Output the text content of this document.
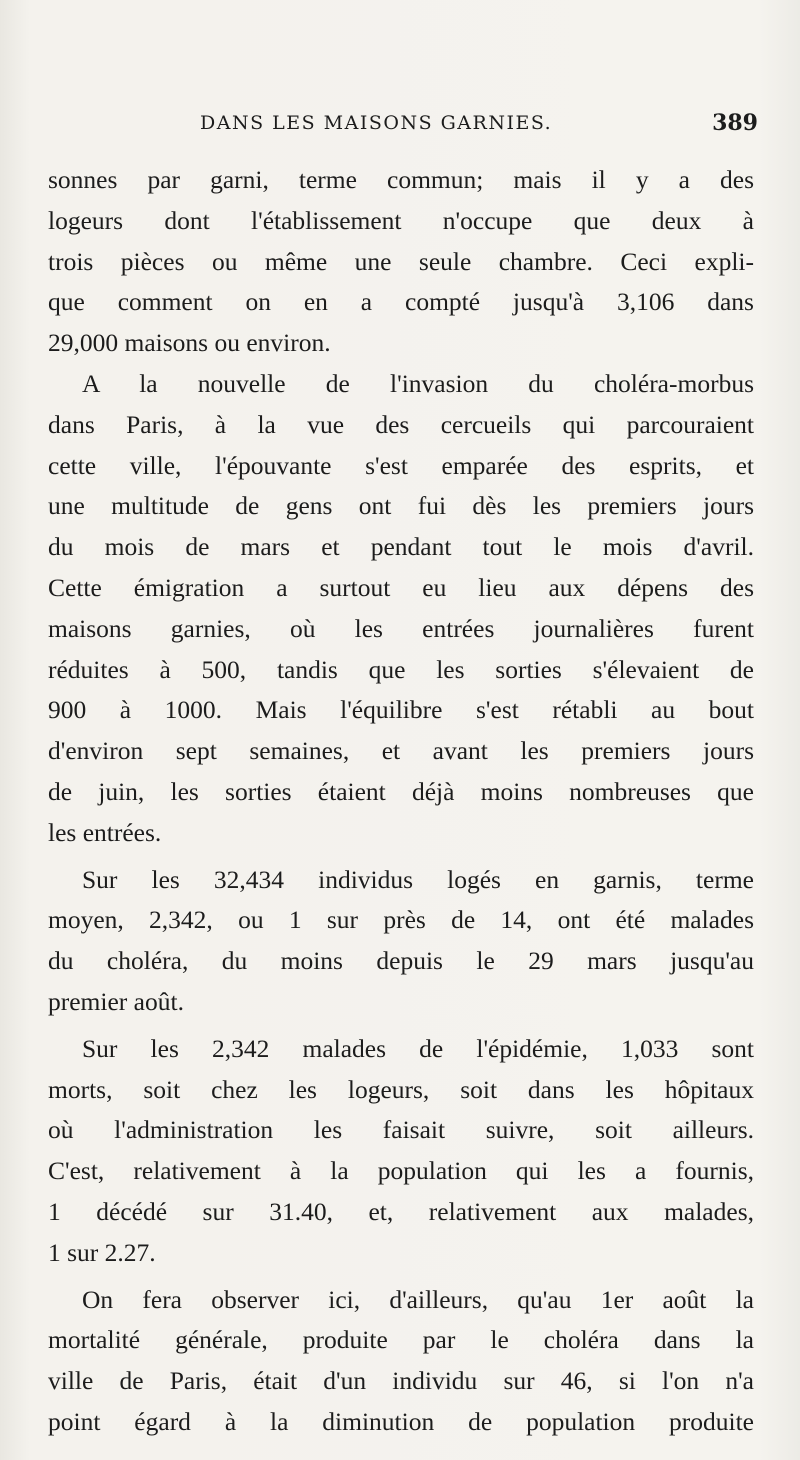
DANS LES MAISONS GARNIES.	389
sonnes par garni, terme commun; mais il y a des
logeurs dont l'établissement n'occupe que deux à
trois pièces ou même une seule chambre. Ceci expli-
que comment on en a compté jusqu'à 3,106 dans
29,000 maisons ou environ.
A la nouvelle de l'invasion du choléra-morbus
dans Paris, à la vue des cercueils qui parcouraient
cette ville, l'épouvante s'est emparée des esprits, et
une multitude de gens ont fui dès les premiers jours
du mois de mars et pendant tout le mois d'avril.
Cette émigration a surtout eu lieu aux dépens des
maisons garnies, où les entrées journalières furent
réduites à 500, tandis que les sorties s'élevaient de
900 à 1000. Mais l'équilibre s'est rétabli au bout
d'environ sept semaines, et avant les premiers jours
de juin, les sorties étaient déjà moins nombreuses que
les entrées.
Sur les 32,434 individus logés en garnis, terme
moyen, 2,342, ou 1 sur près de 14, ont été malades
du choléra, du moins depuis le 29 mars jusqu'au
premier août.
Sur les 2,342 malades de l'épidémie, 1,033 sont
morts, soit chez les logeurs, soit dans les hôpitaux
où l'administration les faisait suivre, soit ailleurs.
C'est, relativement à la population qui les a fournis,
1 décédé sur 31.40, et, relativement aux malades,
1 sur 2.27.
On fera observer ici, d'ailleurs, qu'au 1er août la
mortalité générale, produite par le choléra dans la
ville de Paris, était d'un individu sur 46, si l'on n'a
point égard à la diminution de population produite
